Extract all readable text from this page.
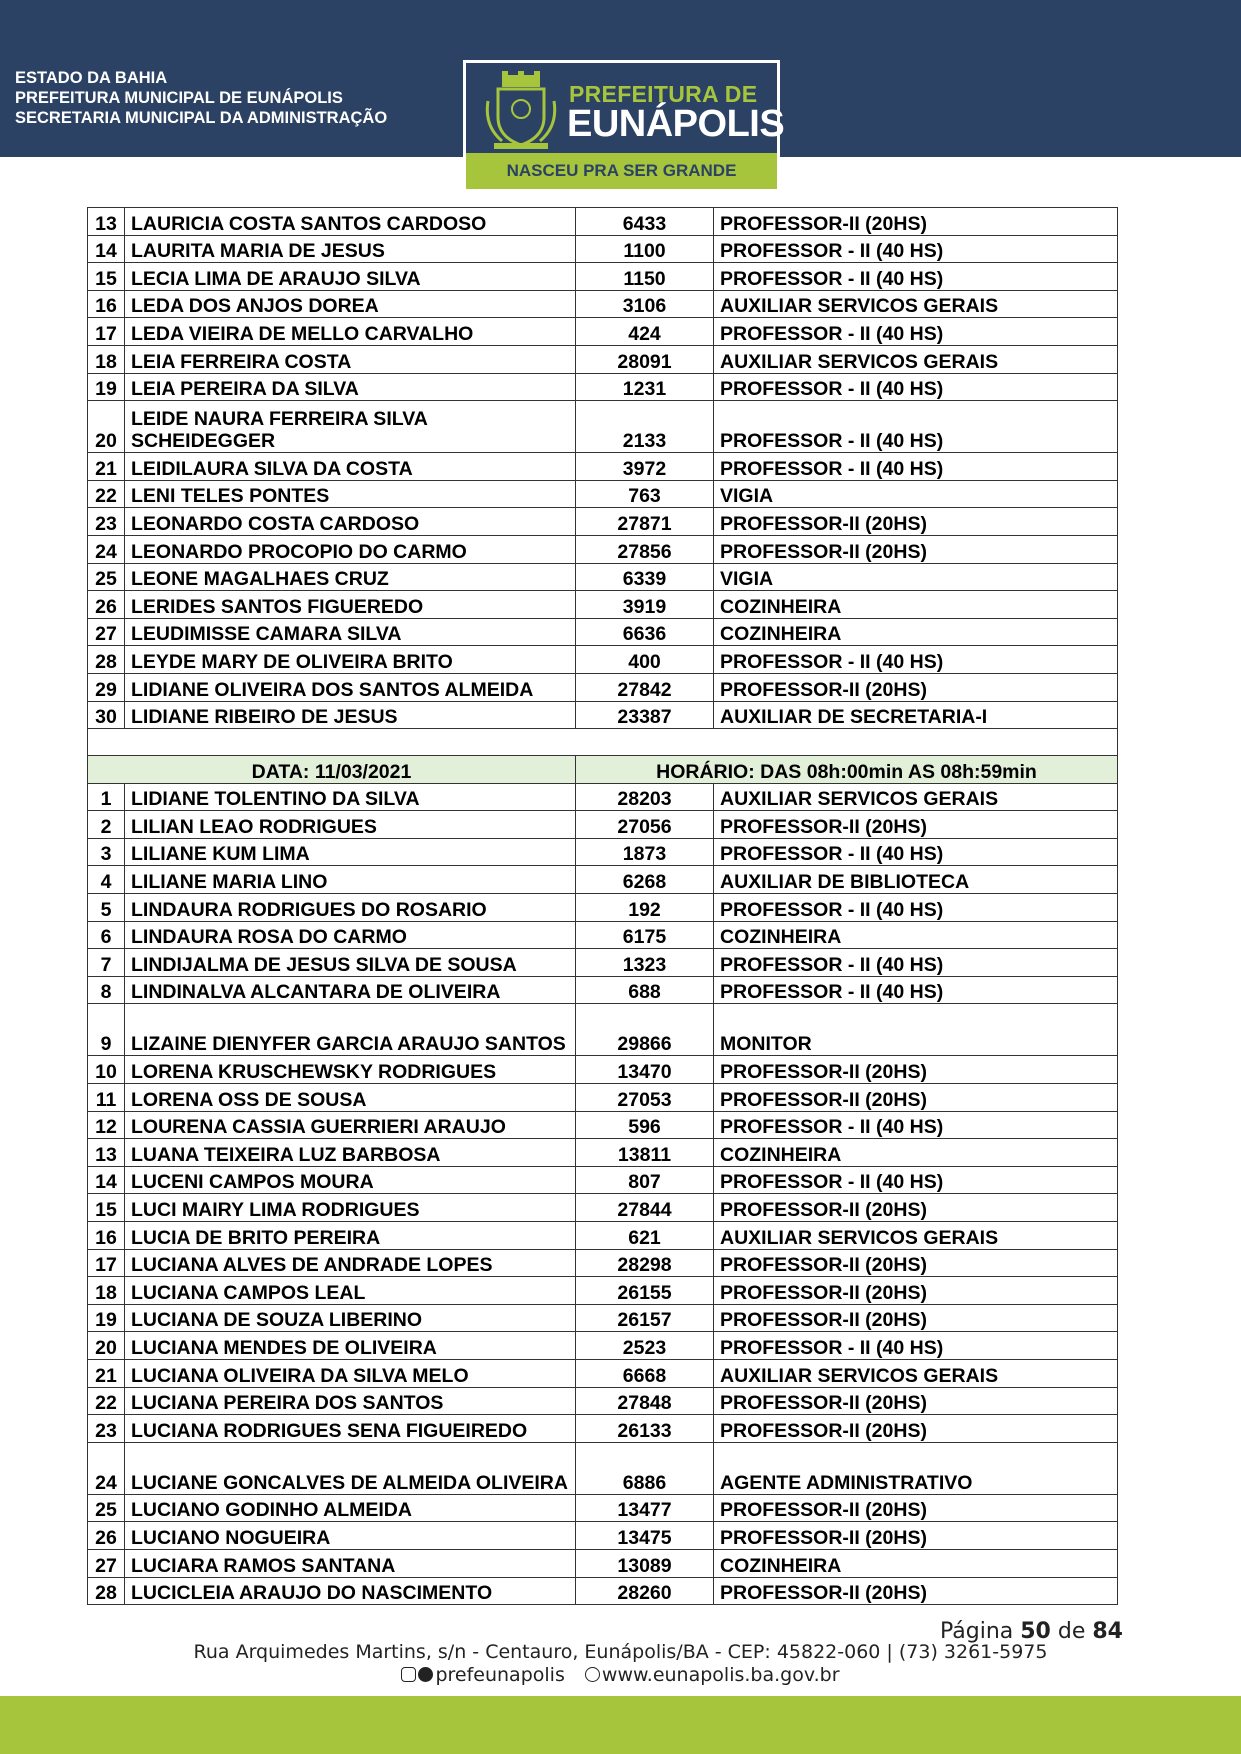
ESTADO DA BAHIA
PREFEITURA MUNICIPAL DE EUNÁPOLIS
SECRETARIA MUNICIPAL DA ADMINISTRAÇÃO
PREFEITURA DE
EUNÁPOLIS
NASCEU PRA SER GRANDE
13	LAURICIA COSTA SANTOS CARDOSO	6433	PROFESSOR-II (20HS)
14	LAURITA MARIA DE JESUS	1100	PROFESSOR - II (40 HS)
15	LECIA LIMA DE ARAUJO SILVA	1150	PROFESSOR - II (40 HS)
16	LEDA DOS ANJOS DOREA	3106	AUXILIAR SERVICOS GERAIS
17	LEDA VIEIRA DE MELLO CARVALHO	424	PROFESSOR - II (40 HS)
18	LEIA FERREIRA COSTA	28091	AUXILIAR SERVICOS GERAIS
19	LEIA PEREIRA DA SILVA	1231	PROFESSOR - II (40 HS)
20	LEIDE NAURA FERREIRA SILVA SCHEIDEGGER	2133	PROFESSOR - II (40 HS)
21	LEIDILAURA SILVA DA COSTA	3972	PROFESSOR - II (40 HS)
22	LENI TELES PONTES	763	VIGIA
23	LEONARDO COSTA CARDOSO	27871	PROFESSOR-II (20HS)
24	LEONARDO PROCOPIO DO CARMO	27856	PROFESSOR-II (20HS)
25	LEONE MAGALHAES CRUZ	6339	VIGIA
26	LERIDES SANTOS FIGUEREDO	3919	COZINHEIRA
27	LEUDIMISSE CAMARA SILVA	6636	COZINHEIRA
28	LEYDE MARY DE OLIVEIRA BRITO	400	PROFESSOR - II (40 HS)
29	LIDIANE OLIVEIRA DOS SANTOS ALMEIDA	27842	PROFESSOR-II (20HS)
30	LIDIANE RIBEIRO DE JESUS	23387	AUXILIAR DE SECRETARIA-I

DATA: 11/03/2021		HORÁRIO: DAS 08h:00min AS 08h:59min	
1	LIDIANE TOLENTINO DA SILVA	28203	AUXILIAR SERVICOS GERAIS
2	LILIAN LEAO RODRIGUES	27056	PROFESSOR-II (20HS)
3	LILIANE KUM LIMA	1873	PROFESSOR - II (40 HS)
4	LILIANE MARIA LINO	6268	AUXILIAR DE BIBLIOTECA
5	LINDAURA RODRIGUES DO ROSARIO	192	PROFESSOR - II (40 HS)
6	LINDAURA ROSA DO CARMO	6175	COZINHEIRA
7	LINDIJALMA DE JESUS SILVA DE SOUSA	1323	PROFESSOR - II (40 HS)
8	LINDINALVA ALCANTARA DE OLIVEIRA	688	PROFESSOR - II (40 HS)
9	LIZAINE DIENYFER GARCIA ARAUJO SANTOS	29866	MONITOR
10	LORENA KRUSCHEWSKY RODRIGUES	13470	PROFESSOR-II (20HS)
11	LORENA OSS DE SOUSA	27053	PROFESSOR-II (20HS)
12	LOURENA CASSIA GUERRIERI ARAUJO	596	PROFESSOR - II (40 HS)
13	LUANA TEIXEIRA LUZ BARBOSA	13811	COZINHEIRA
14	LUCENI CAMPOS MOURA	807	PROFESSOR - II (40 HS)
15	LUCI MAIRY LIMA RODRIGUES	27844	PROFESSOR-II (20HS)
16	LUCIA DE BRITO PEREIRA	621	AUXILIAR SERVICOS GERAIS
17	LUCIANA ALVES DE ANDRADE LOPES	28298	PROFESSOR-II (20HS)
18	LUCIANA CAMPOS LEAL	26155	PROFESSOR-II (20HS)
19	LUCIANA DE SOUZA LIBERINO	26157	PROFESSOR-II (20HS)
20	LUCIANA MENDES DE OLIVEIRA	2523	PROFESSOR - II (40 HS)
21	LUCIANA OLIVEIRA DA SILVA MELO	6668	AUXILIAR SERVICOS GERAIS
22	LUCIANA PEREIRA DOS SANTOS	27848	PROFESSOR-II (20HS)
23	LUCIANA RODRIGUES SENA FIGUEIREDO	26133	PROFESSOR-II (20HS)
24	LUCIANE GONCALVES DE ALMEIDA OLIVEIRA	6886	AGENTE ADMINISTRATIVO
25	LUCIANO GODINHO ALMEIDA	13477	PROFESSOR-II (20HS)
26	LUCIANO NOGUEIRA	13475	PROFESSOR-II (20HS)
27	LUCIARA RAMOS SANTANA	13089	COZINHEIRA
28	LUCICLEIA ARAUJO DO NASCIMENTO	28260	PROFESSOR-II (20HS)
Página 50 de 84
Rua Arquimedes Martins, s/n - Centauro, Eunápolis/BA - CEP: 45822-060 | (73) 3261-5975
prefeunapolis www.eunapolis.ba.gov.br
